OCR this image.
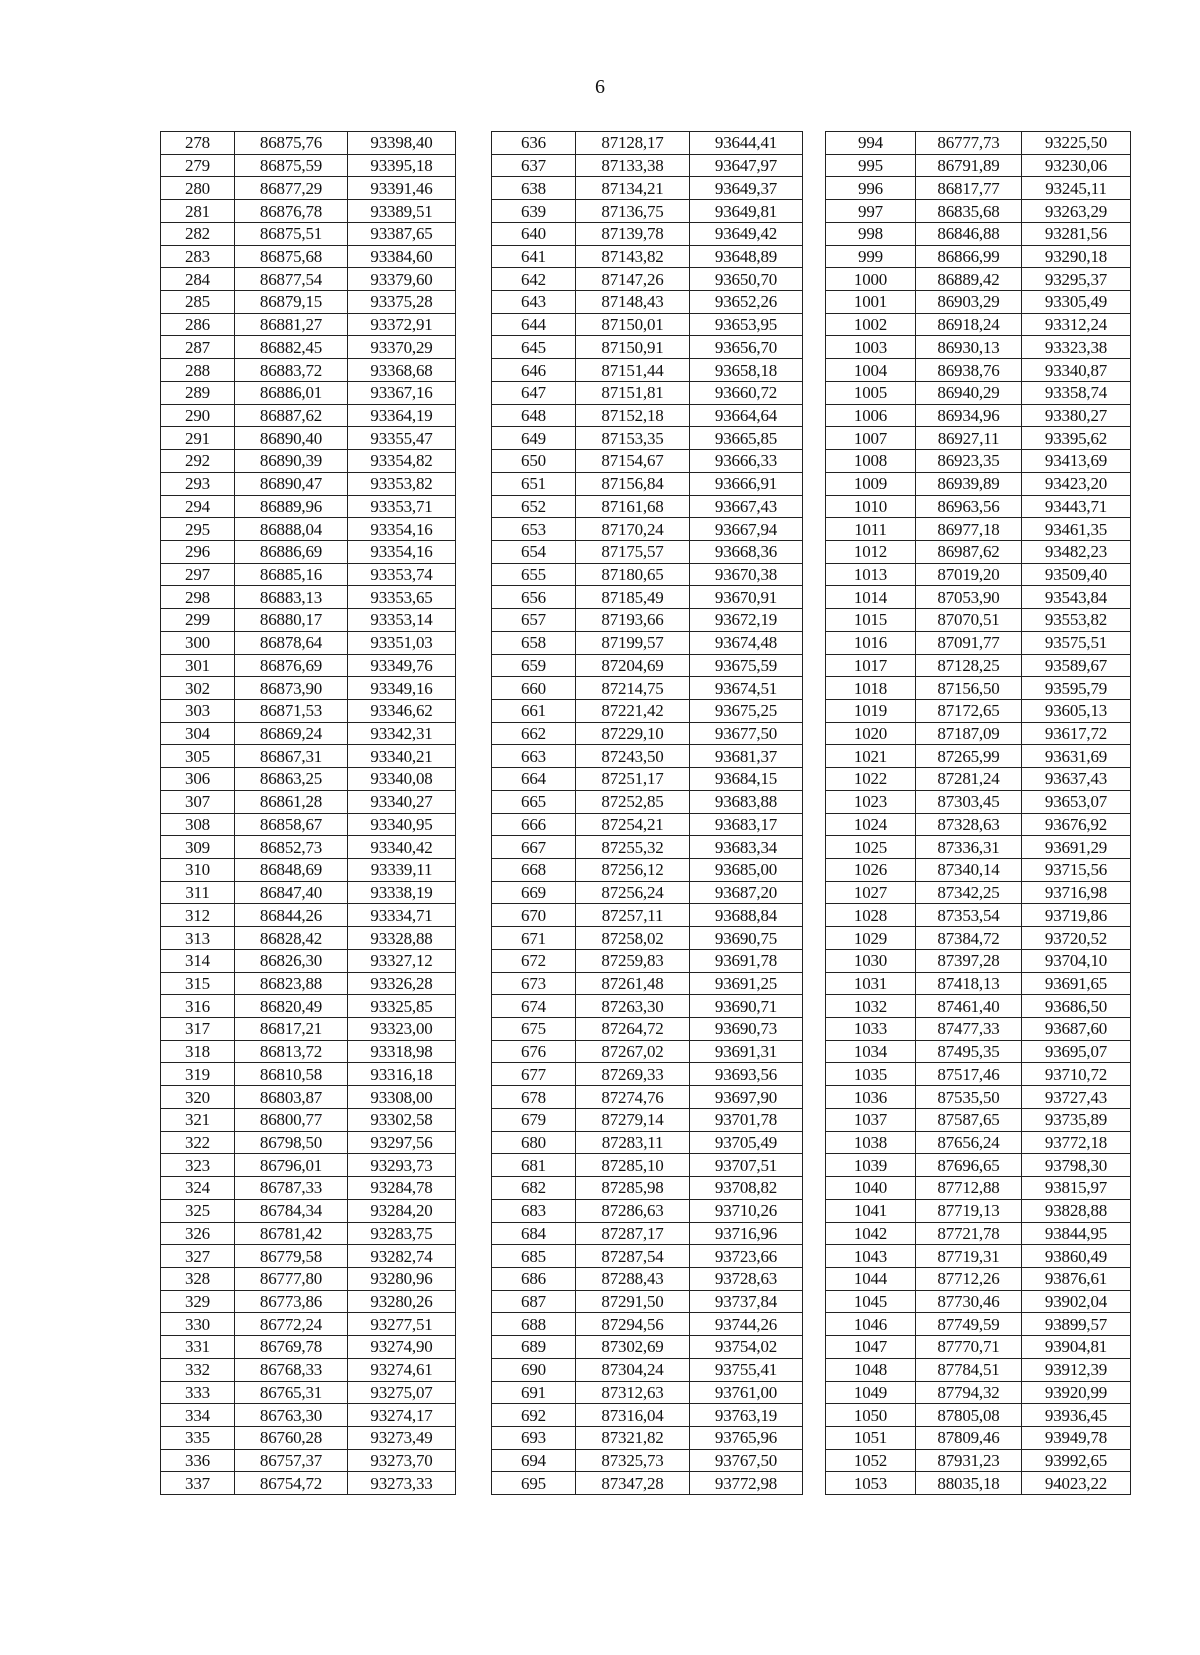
6
278	86875,76	93398,40		636	87128,17	93644,41		994	86777,73	93225,50
279	86875,59	93395,18		637	87133,38	93647,97		995	86791,89	93230,06
280	86877,29	93391,46		638	87134,21	93649,37		996	86817,77	93245,11
281	86876,78	93389,51		639	87136,75	93649,81		997	86835,68	93263,29
282	86875,51	93387,65		640	87139,78	93649,42		998	86846,88	93281,56
283	86875,68	93384,60		641	87143,82	93648,89		999	86866,99	93290,18
284	86877,54	93379,60		642	87147,26	93650,70		1000	86889,42	93295,37
285	86879,15	93375,28		643	87148,43	93652,26		1001	86903,29	93305,49
286	86881,27	93372,91		644	87150,01	93653,95		1002	86918,24	93312,24
287	86882,45	93370,29		645	87150,91	93656,70		1003	86930,13	93323,38
288	86883,72	93368,68		646	87151,44	93658,18		1004	86938,76	93340,87
289	86886,01	93367,16		647	87151,81	93660,72		1005	86940,29	93358,74
290	86887,62	93364,19		648	87152,18	93664,64		1006	86934,96	93380,27
291	86890,40	93355,47		649	87153,35	93665,85		1007	86927,11	93395,62
292	86890,39	93354,82		650	87154,67	93666,33		1008	86923,35	93413,69
293	86890,47	93353,82		651	87156,84	93666,91		1009	86939,89	93423,20
294	86889,96	93353,71		652	87161,68	93667,43		1010	86963,56	93443,71
295	86888,04	93354,16		653	87170,24	93667,94		1011	86977,18	93461,35
296	86886,69	93354,16		654	87175,57	93668,36		1012	86987,62	93482,23
297	86885,16	93353,74		655	87180,65	93670,38		1013	87019,20	93509,40
298	86883,13	93353,65		656	87185,49	93670,91		1014	87053,90	93543,84
299	86880,17	93353,14		657	87193,66	93672,19		1015	87070,51	93553,82
300	86878,64	93351,03		658	87199,57	93674,48		1016	87091,77	93575,51
301	86876,69	93349,76		659	87204,69	93675,59		1017	87128,25	93589,67
302	86873,90	93349,16		660	87214,75	93674,51		1018	87156,50	93595,79
303	86871,53	93346,62		661	87221,42	93675,25		1019	87172,65	93605,13
304	86869,24	93342,31		662	87229,10	93677,50		1020	87187,09	93617,72
305	86867,31	93340,21		663	87243,50	93681,37		1021	87265,99	93631,69
306	86863,25	93340,08		664	87251,17	93684,15		1022	87281,24	93637,43
307	86861,28	93340,27		665	87252,85	93683,88		1023	87303,45	93653,07
308	86858,67	93340,95		666	87254,21	93683,17		1024	87328,63	93676,92
309	86852,73	93340,42		667	87255,32	93683,34		1025	87336,31	93691,29
310	86848,69	93339,11		668	87256,12	93685,00		1026	87340,14	93715,56
311	86847,40	93338,19		669	87256,24	93687,20		1027	87342,25	93716,98
312	86844,26	93334,71		670	87257,11	93688,84		1028	87353,54	93719,86
313	86828,42	93328,88		671	87258,02	93690,75		1029	87384,72	93720,52
314	86826,30	93327,12		672	87259,83	93691,78		1030	87397,28	93704,10
315	86823,88	93326,28		673	87261,48	93691,25		1031	87418,13	93691,65
316	86820,49	93325,85		674	87263,30	93690,71		1032	87461,40	93686,50
317	86817,21	93323,00		675	87264,72	93690,73		1033	87477,33	93687,60
318	86813,72	93318,98		676	87267,02	93691,31		1034	87495,35	93695,07
319	86810,58	93316,18		677	87269,33	93693,56		1035	87517,46	93710,72
320	86803,87	93308,00		678	87274,76	93697,90		1036	87535,50	93727,43
321	86800,77	93302,58		679	87279,14	93701,78		1037	87587,65	93735,89
322	86798,50	93297,56		680	87283,11	93705,49		1038	87656,24	93772,18
323	86796,01	93293,73		681	87285,10	93707,51		1039	87696,65	93798,30
324	86787,33	93284,78		682	87285,98	93708,82		1040	87712,88	93815,97
325	86784,34	93284,20		683	87286,63	93710,26		1041	87719,13	93828,88
326	86781,42	93283,75		684	87287,17	93716,96		1042	87721,78	93844,95
327	86779,58	93282,74		685	87287,54	93723,66		1043	87719,31	93860,49
328	86777,80	93280,96		686	87288,43	93728,63		1044	87712,26	93876,61
329	86773,86	93280,26		687	87291,50	93737,84		1045	87730,46	93902,04
330	86772,24	93277,51		688	87294,56	93744,26		1046	87749,59	93899,57
331	86769,78	93274,90		689	87302,69	93754,02		1047	87770,71	93904,81
332	86768,33	93274,61		690	87304,24	93755,41		1048	87784,51	93912,39
333	86765,31	93275,07		691	87312,63	93761,00		1049	87794,32	93920,99
334	86763,30	93274,17		692	87316,04	93763,19		1050	87805,08	93936,45
335	86760,28	93273,49		693	87321,82	93765,96		1051	87809,46	93949,78
336	86757,37	93273,70		694	87325,73	93767,50		1052	87931,23	93992,65
337	86754,72	93273,33		695	87347,28	93772,98		1053	88035,18	94023,22
